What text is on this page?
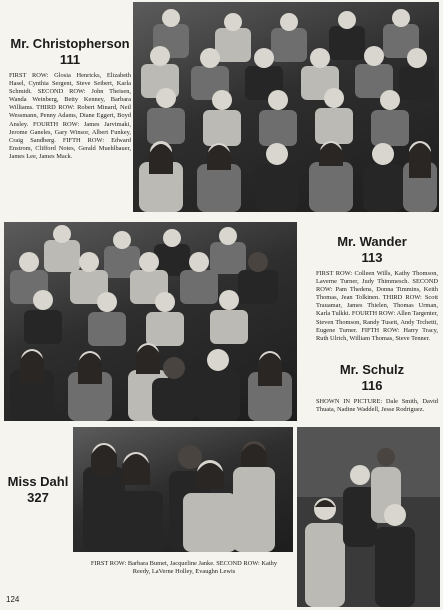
Mr. Christopherson
111

FIRST ROW: Glosia Henricks, Elizabeth Hasel, Cynthia Sergent, Steve Seibert, Karla Schmidt. SECOND ROW: John Theisen, Wanda Weinberg, Betty Kenney, Barbara Williams. THIRD ROW: Robert Minard, Neil Wessmann, Penny Adams, Diane Eggert, Boyd Ansley. FOURTH ROW: James Jarvimaki, Jerome Ganeles, Gary Winsor, Albert Funkey, Craig Sandberg. FIFTH ROW: Edward Enstrom, Clifford Notes, Gerald Muehlbauer, James Lee, James Mack.

Mr. Wander
113

FIRST ROW: Colleen Wills, Kathy Thomson, Laverne Turner, Judy Thimmesch. SECOND ROW: Pam Thedens, Donna Timmins, Keith Thomas, Jean Tolkinen. THIRD ROW: Scott Trauamar, James Thielen, Thomas Urman, Karla Tulkki. FOURTH ROW: Allen Targenter, Steven Thomson, Randy Tusett, Andy Trchetti, Eugene Turner. FIFTH ROW: Harry Tracy, Ruth Ulrich, William Thomas, Steve Tenner.

Mr. Schulz
116

SHOWN IN PICTURE: Dale Smith, David Thuata, Nadine Waddell, Jesse Rodriguez.

Miss Dahl
327

FIRST ROW: Barbara Bumet, Jacqueline Janke. SECOND ROW: Kathy Reedy, LaVerne Holley, Evaughn Lewis

124
